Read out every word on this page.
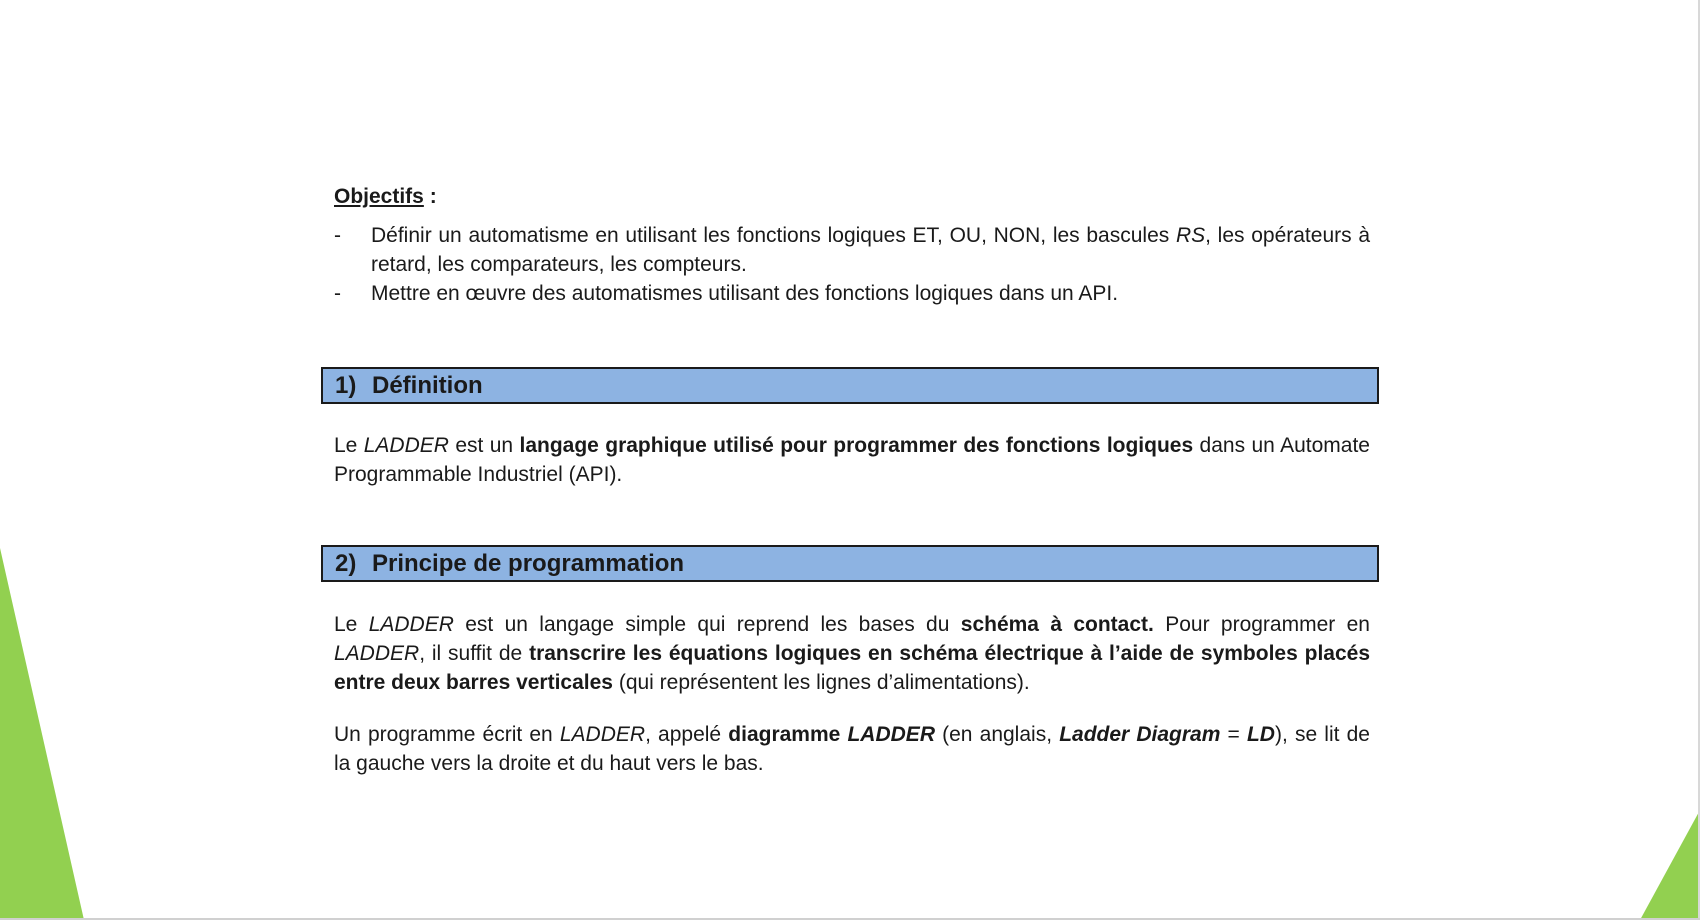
Objectifs :

- Définir un automatisme en utilisant les fonctions logiques ET, OU, NON, les bascules RS, les opérateurs à retard, les comparateurs, les compteurs.
- Mettre en œuvre des automatismes utilisant des fonctions logiques dans un API.
1) Définition

Le LADDER est un langage graphique utilisé pour programmer des fonctions logiques dans un Automate Programmable Industriel (API).

2) Principe de programmation

Le LADDER est un langage simple qui reprend les bases du schéma à contact. Pour programmer en LADDER, il suffit de transcrire les équations logiques en schéma électrique à l’aide de symboles placés entre deux barres verticales (qui représentent les lignes d’alimentations).

Un programme écrit en LADDER, appelé diagramme LADDER (en anglais, Ladder Diagram = LD), se lit de la gauche vers la droite et du haut vers le bas.
